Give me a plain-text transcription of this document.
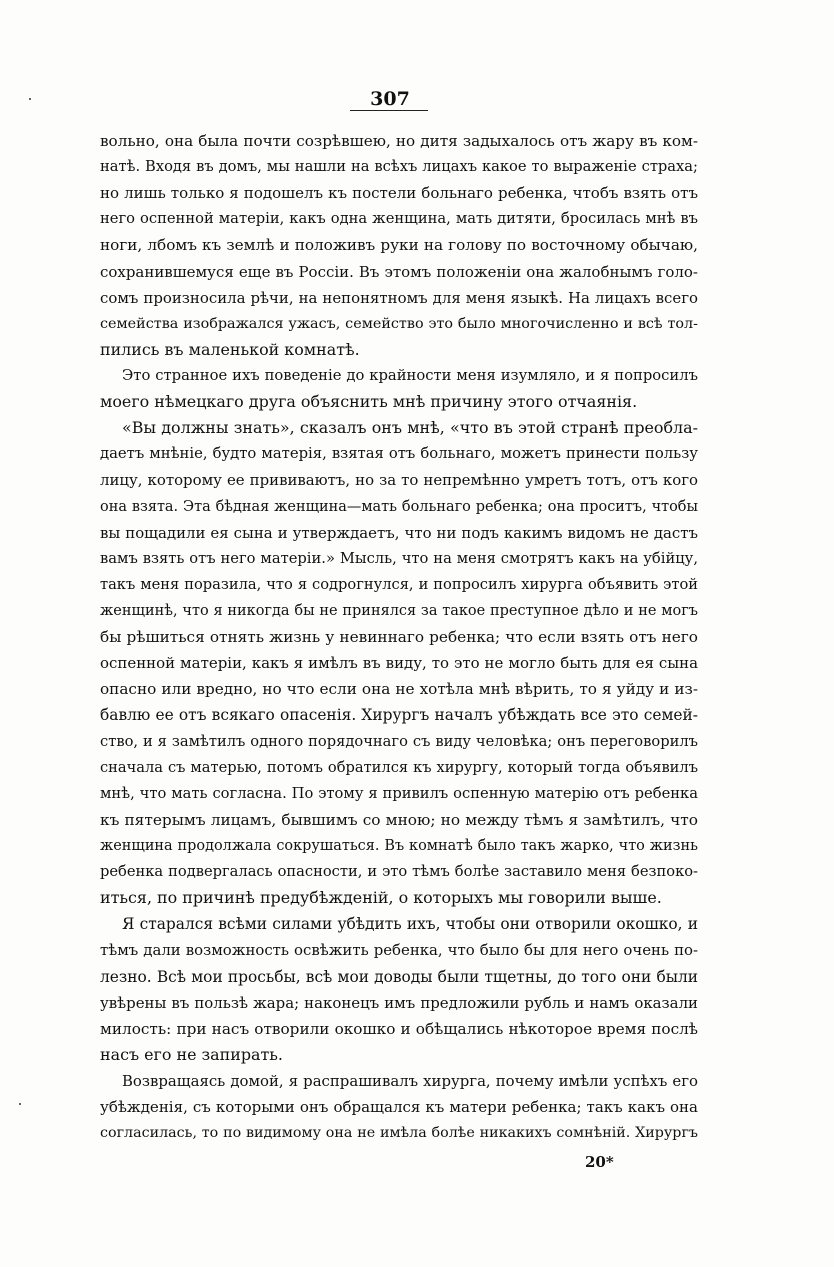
307
вольно, она была почти созрѣвшею, но дитя задыхалось отъ жару въ ком-
натѣ. Входя въ домъ, мы нашли на всѣхъ лицахъ какое то выраженіе страха;
но лишь только я подошелъ къ постели больнаго ребенка, чтобъ взять отъ
него оспенной матеріи, какъ одна женщина, мать дитяти, бросилась мнѣ въ
ноги, лбомъ къ землѣ и положивъ руки на голову по восточному обычаю,
сохранившемуся еще въ Россіи. Въ этомъ положеніи она жалобнымъ голо-
сомъ произносила рѣчи, на непонятномъ для меня языкѣ. На лицахъ всего
семейства изображался ужасъ, семейство это было многочисленно и всѣ тол-
пились въ маленькой комнатѣ.
Это странное ихъ поведеніе до крайности меня изумляло, и я попросилъ
моего нѣмецкаго друга объяснить мнѣ причину этого отчаянія.
«Вы должны знать», сказалъ онъ мнѣ, «что въ этой странѣ преобла-
даетъ мнѣніе, будто матерія, взятая отъ больнаго, можетъ принести пользу
лицу, которому ее прививаютъ, но за то непремѣнно умретъ тотъ, отъ кого
она взята. Эта бѣдная женщина—мать больнаго ребенка; она проситъ, чтобы
вы пощадили ея сына и утверждаетъ, что ни подъ какимъ видомъ не дастъ
вамъ взять отъ него матеріи.» Мысль, что на меня смотрятъ какъ на убійцу,
такъ меня поразила, что я содрогнулся, и попросилъ хирурга объявить этой
женщинѣ, что я никогда бы не принялся за такое преступное дѣло и не могъ
бы рѣшиться отнять жизнь у невиннаго ребенка; что если взять отъ него
оспенной матеріи, какъ я имѣлъ въ виду, то это не могло быть для ея сына
опасно или вредно, но что если она не хотѣла мнѣ вѣрить, то я уйду и из-
бавлю ее отъ всякаго опасенія. Хирургъ началъ убѣждать все это семей-
ство, и я замѣтилъ одного порядочнаго съ виду человѣка; онъ переговорилъ
сначала съ матерью, потомъ обратился къ хирургу, который тогда объявилъ
мнѣ, что мать согласна. По этому я привилъ оспенную матерію отъ ребенка
къ пятерымъ лицамъ, бывшимъ со мною; но между тѣмъ я замѣтилъ, что
женщина продолжала сокрушаться. Въ комнатѣ было такъ жарко, что жизнь
ребенка подвергалась опасности, и это тѣмъ болѣе заставило меня безпоко-
иться, по причинѣ предубѣжденій, о которыхъ мы говорили выше.
Я старался всѣми силами убѣдить ихъ, чтобы они отворили окошко, и
тѣмъ дали возможность освѣжить ребенка, что было бы для него очень по-
лезно. Всѣ мои просьбы, всѣ мои доводы были тщетны, до того они были
увѣрены въ пользѣ жара; наконецъ имъ предложили рубль и намъ оказали
милость: при насъ отворили окошко и обѣщались нѣкоторое время послѣ
насъ его не запирать.
Возвращаясь домой, я распрашивалъ хирурга, почему имѣли успѣхъ его
убѣжденія, съ которыми онъ обращался къ матери ребенка; такъ какъ она
согласилась, то по видимому она не имѣла болѣе никакихъ сомнѣній. Хирургъ
20*
